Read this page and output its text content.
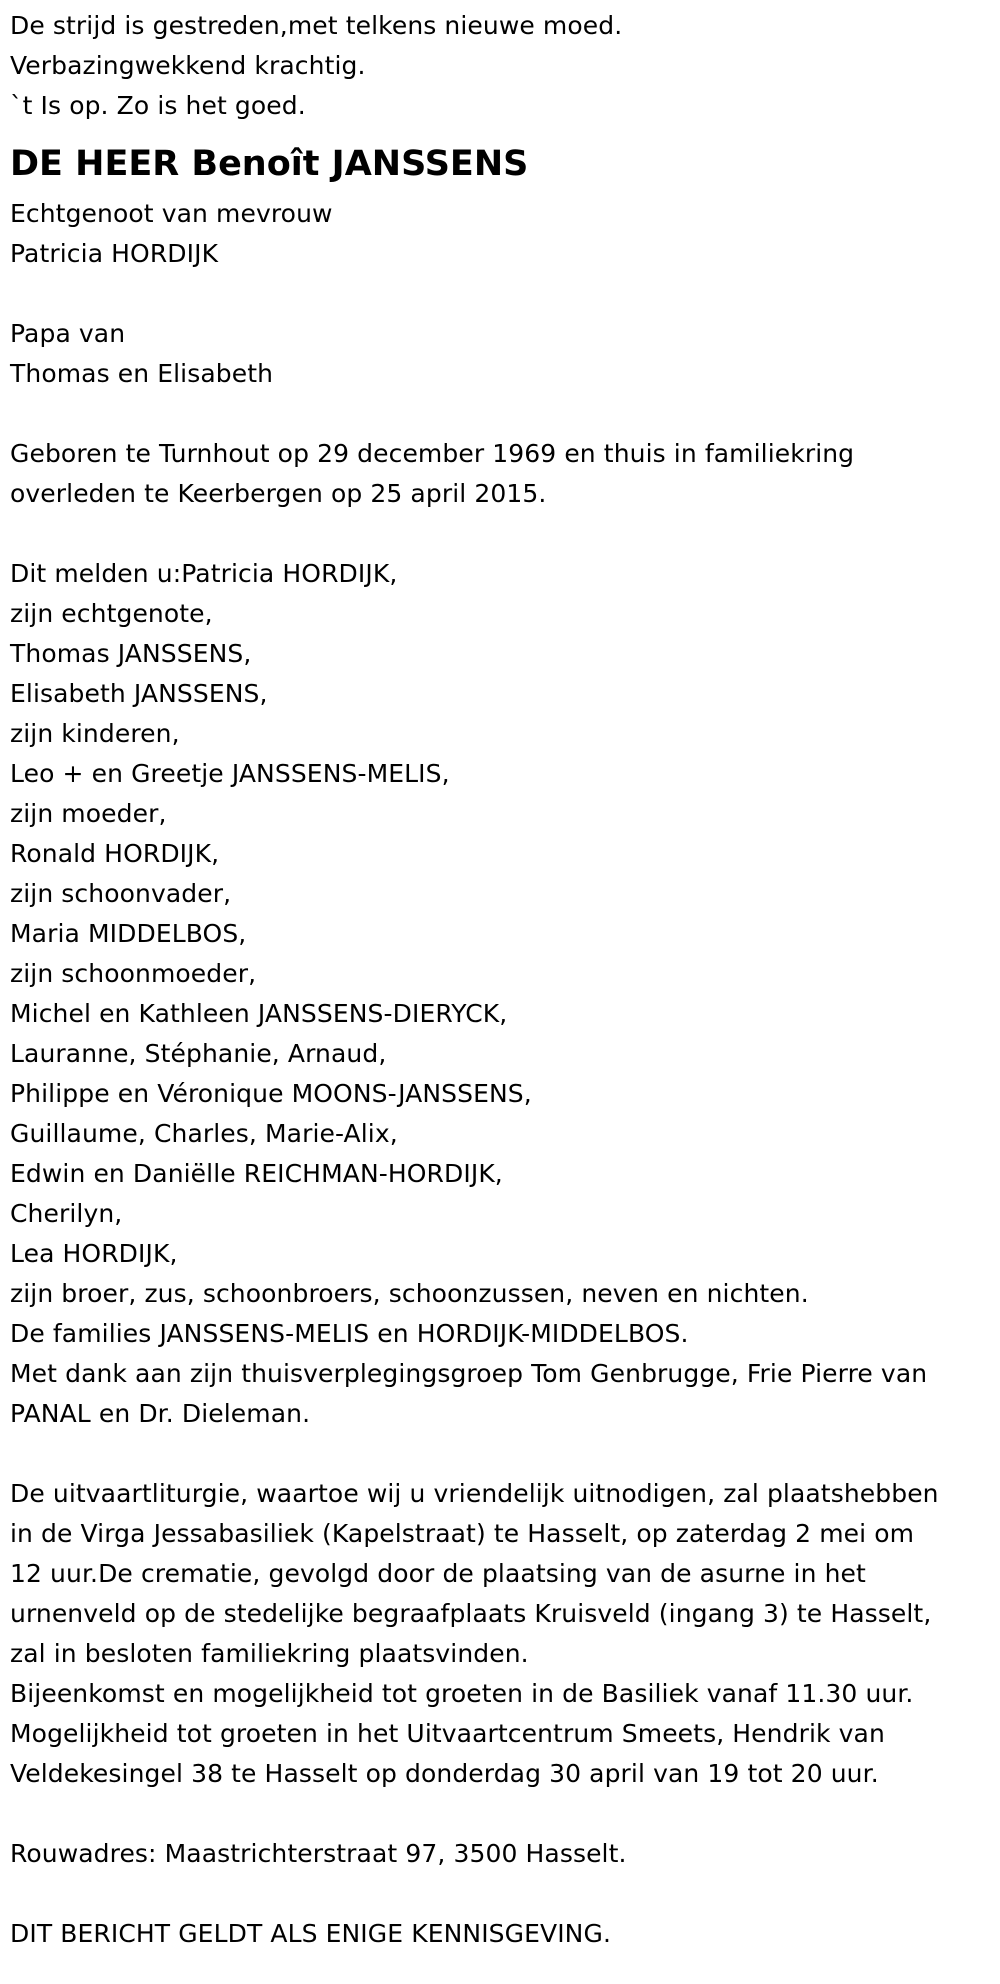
De strijd is gestreden,met telkens nieuwe moed.
Verbazingwekkend krachtig.
`t Is op. Zo is het goed.
DE HEER Benoît JANSSENS
Echtgenoot van mevrouw
Patricia HORDIJK
Papa van
Thomas en Elisabeth
Geboren te Turnhout op 29 december 1969 en thuis in familiekring
overleden te Keerbergen op 25 april 2015.
Dit melden u:Patricia HORDIJK,
zijn echtgenote,
Thomas JANSSENS,
Elisabeth JANSSENS,
zijn kinderen,
Leo + en Greetje JANSSENS-MELIS,
zijn moeder,
Ronald HORDIJK,
zijn schoonvader,
Maria MIDDELBOS,
zijn schoonmoeder,
Michel en Kathleen JANSSENS-DIERYCK,
Lauranne, Stéphanie, Arnaud,
Philippe en Véronique MOONS-JANSSENS,
Guillaume, Charles, Marie-Alix,
Edwin en Daniëlle REICHMAN-HORDIJK,
Cherilyn,
Lea HORDIJK,
zijn broer, zus, schoonbroers, schoonzussen, neven en nichten.
De families JANSSENS-MELIS en HORDIJK-MIDDELBOS.
Met dank aan zijn thuisverplegingsgroep Tom Genbrugge, Frie Pierre van
PANAL en Dr. Dieleman.
De uitvaartliturgie, waartoe wij u vriendelijk uitnodigen, zal plaatshebben
in de Virga Jessabasiliek (Kapelstraat) te Hasselt, op zaterdag 2 mei om
12 uur.De crematie, gevolgd door de plaatsing van de asurne in het
urnenveld op de stedelijke begraafplaats Kruisveld (ingang 3) te Hasselt,
zal in besloten familiekring plaatsvinden.
Bijeenkomst en mogelijkheid tot groeten in de Basiliek vanaf 11.30 uur.
Mogelijkheid tot groeten in het Uitvaartcentrum Smeets, Hendrik van
Veldekesingel 38 te Hasselt op donderdag 30 april van 19 tot 20 uur.
Rouwadres: Maastrichterstraat 97, 3500 Hasselt.
DIT BERICHT GELDT ALS ENIGE KENNISGEVING.
